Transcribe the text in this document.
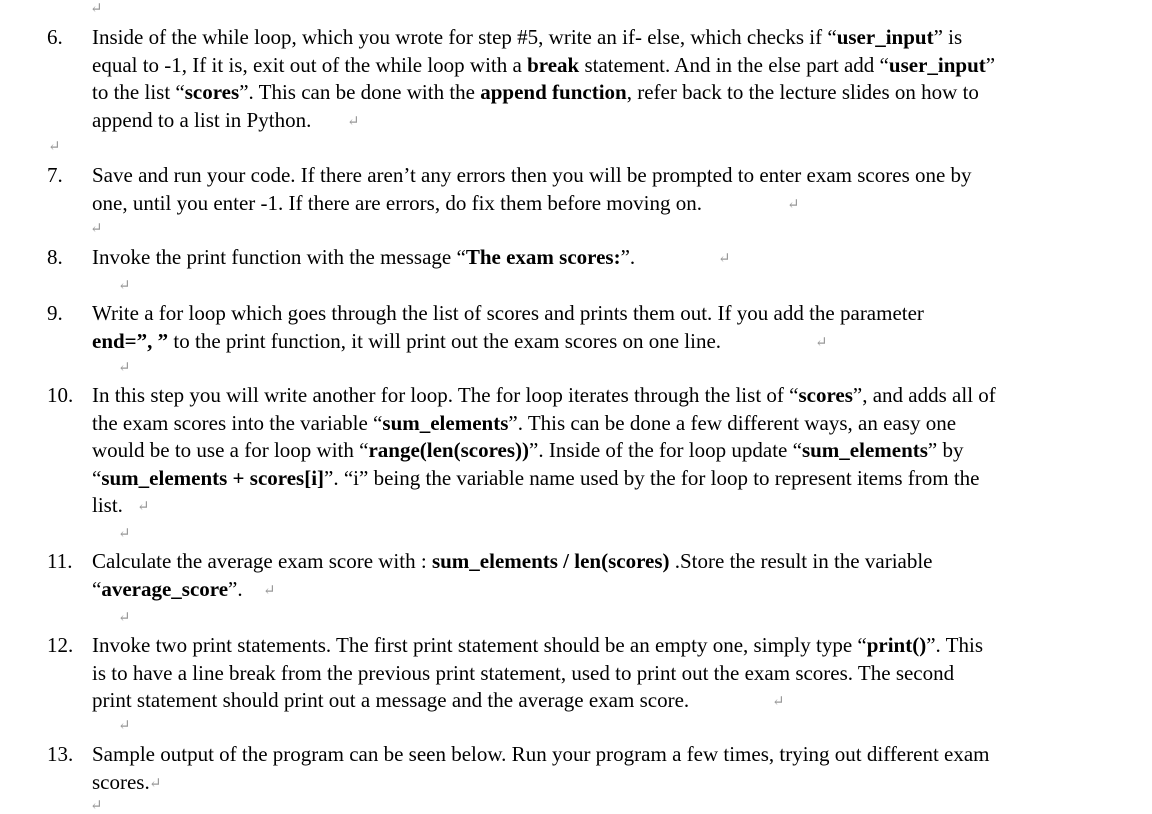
6. Inside of the while loop, which you wrote for step #5, write an if- else, which checks if “user_input” is
equal to -1, If it is, exit out of the while loop with a break statement. And in the else part add “user_input”
to the list “scores”. This can be done with the append function, refer back to the lecture slides on how to
append to a list in Python. ↵
7. Save and run your code. If there aren’t any errors then you will be prompted to enter exam scores one by
one, until you enter -1. If there are errors, do fix them before moving on.	↵
8. Invoke the print function with the message “The exam scores:”.	↵
9. Write a for loop which goes through the list of scores and prints them out. If you add the parameter
end=”, ” to the print function, it will print out the exam scores on one line.	↵
10. In this step you will write another for loop. The for loop iterates through the list of “scores”, and adds all of
the exam scores into the variable “sum_elements”. This can be done a few different ways, an easy one
would be to use a for loop with “range(len(scores))”. Inside of the for loop update “sum_elements” by
“sum_elements + scores[i]”. “i” being the variable name used by the for loop to represent items from the
list. ↵
11. Calculate the average exam score with : sum_elements / len(scores) .Store the result in the variable
“average_score”. ↵
12. Invoke two print statements. The first print statement should be an empty one, simply type “print()”. This
is to have a line break from the previous print statement, used to print out the exam scores. The second
print statement should print out a message and the average exam score.	↵
13. Sample output of the program can be seen below. Run your program a few times, trying out different exam
scores. ↵
↵
↵
↵
↵
↵
↵
↵
↵
↵
